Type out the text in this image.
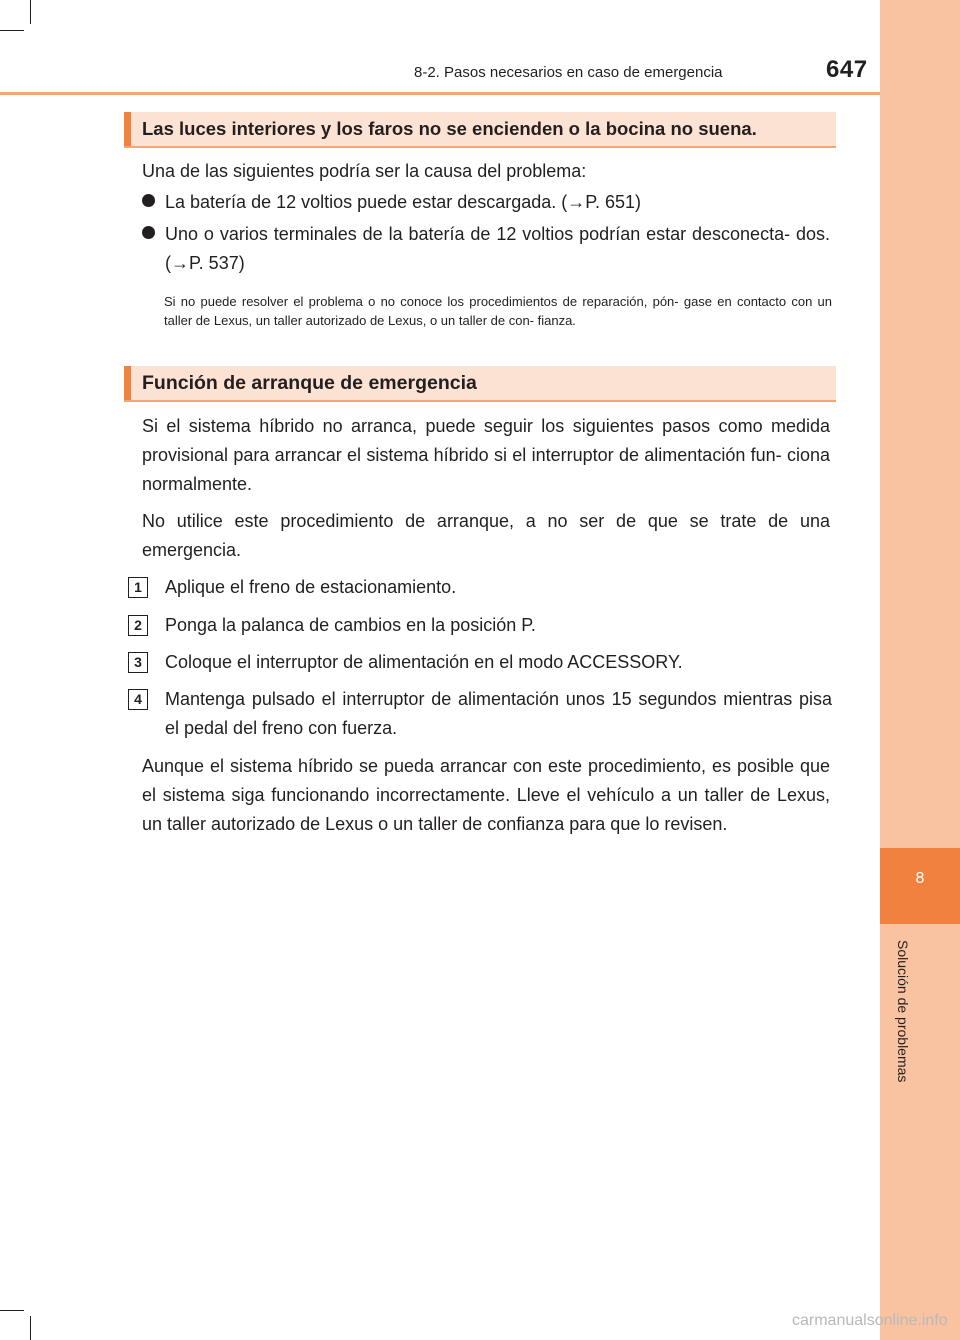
8
Solución de problemas
8-2. Pasos necesarios en caso de emergencia	647
Las luces interiores y los faros no se encienden o la bocina no suena.
Una de las siguientes podría ser la causa del problema:
La batería de 12 voltios puede estar descargada. (→P. 651)
Uno o varios terminales de la batería de 12 voltios podrían estar desconecta- dos. (→P. 537)
Si no puede resolver el problema o no conoce los procedimientos de reparación, pón- gase en contacto con un taller de Lexus, un taller autorizado de Lexus, o un taller de con- fianza.
Función de arranque de emergencia
Si el sistema híbrido no arranca, puede seguir los siguientes pasos como medida provisional para arrancar el sistema híbrido si el interruptor de alimentación fun- ciona normalmente.
No utilice este procedimiento de arranque, a no ser de que se trate de una emergencia.
1	Aplique el freno de estacionamiento.
2	Ponga la palanca de cambios en la posición P.
3	Coloque el interruptor de alimentación en el modo ACCESSORY.
4	Mantenga pulsado el interruptor de alimentación unos 15 segundos mientras pisa el pedal del freno con fuerza.
Aunque el sistema híbrido se pueda arrancar con este procedimiento, es posible que el sistema siga funcionando incorrectamente. Lleve el vehículo a un taller de Lexus, un taller autorizado de Lexus o un taller de confianza para que lo revisen.
carmanualsonline.info
